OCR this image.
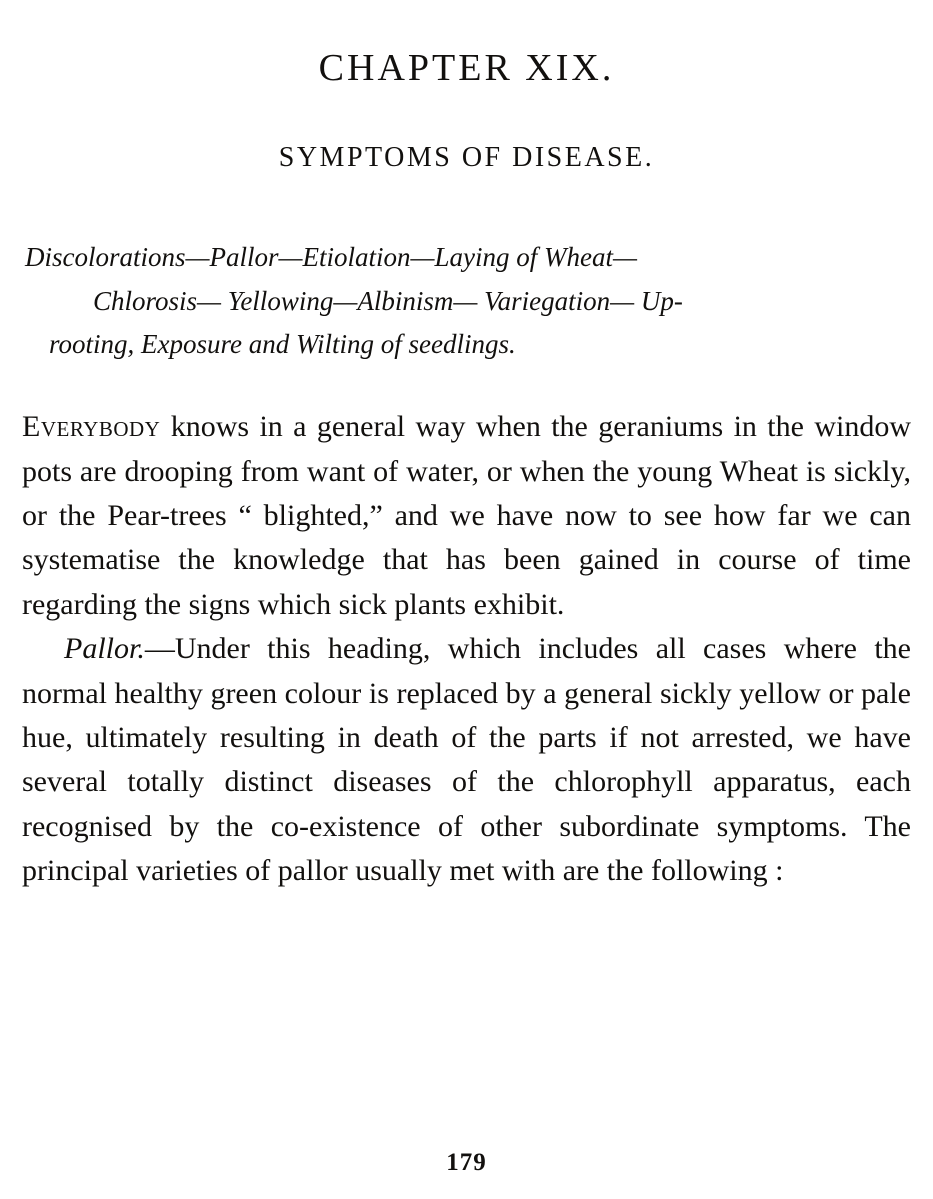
CHAPTER XIX.
SYMPTOMS OF DISEASE.
Discolorations—Pallor—Etiolation—Laying of Wheat—
Chlorosis— Yellowing—Albinism— Variegation— Up-
rooting, Exposure and Wilting of seedlings.

Everybody knows in a general way when the geraniums in the window pots are drooping from want of water, or when the young Wheat is sickly, or the Pear-trees “ blighted,” and we have now to see how far we can systematise the knowledge that has been gained in course of time regarding the signs which sick plants exhibit.

Pallor.—Under this heading, which includes all cases where the normal healthy green colour is replaced by a general sickly yellow or pale hue, ultimately resulting in death of the parts if not arrested, we have several totally distinct diseases of the chlorophyll apparatus, each recognised by the co-existence of other subordinate symptoms. The principal varieties of pallor usually met with are the following :

179
